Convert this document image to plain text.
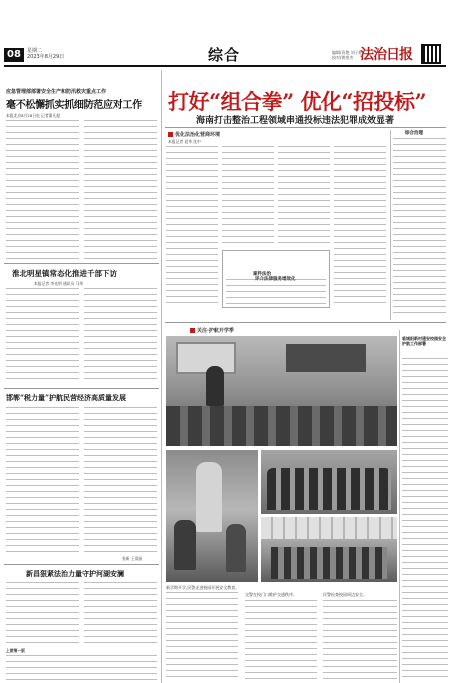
08	星期二
2023年8月29日	综合	编辑/袁艳 刘子阳
校对/黄豪杰 法治日报
应急管理部部署安全生产和防汛救灾重点工作
毫不松懈抓实抓细防范应对工作
本报北京8月28日电 记者董凡超
淮北明星镇常态化推进千部下访
本报记者 李光明 通讯员 马华
邯郸“税力量”护航民营经济高质量发展
张新 王爱丽
新昌狠紧法治力量守护河湖安澜
上图第一版
打好“组合拳” 优化“招投标”
海南打击整治工程领域串通投标违法犯罪成效显著
优化法治化营商环境
本报记者 聂华 沈中
案件法治
评介法律服务增效化
综合治理
关注·护航开学季
临城阳新村通安校园安全护航工作部署
新学期开学,民警走进校园开展安全教育。
交警在校门口维护交通秩序。	民警检查校园周边安全。
